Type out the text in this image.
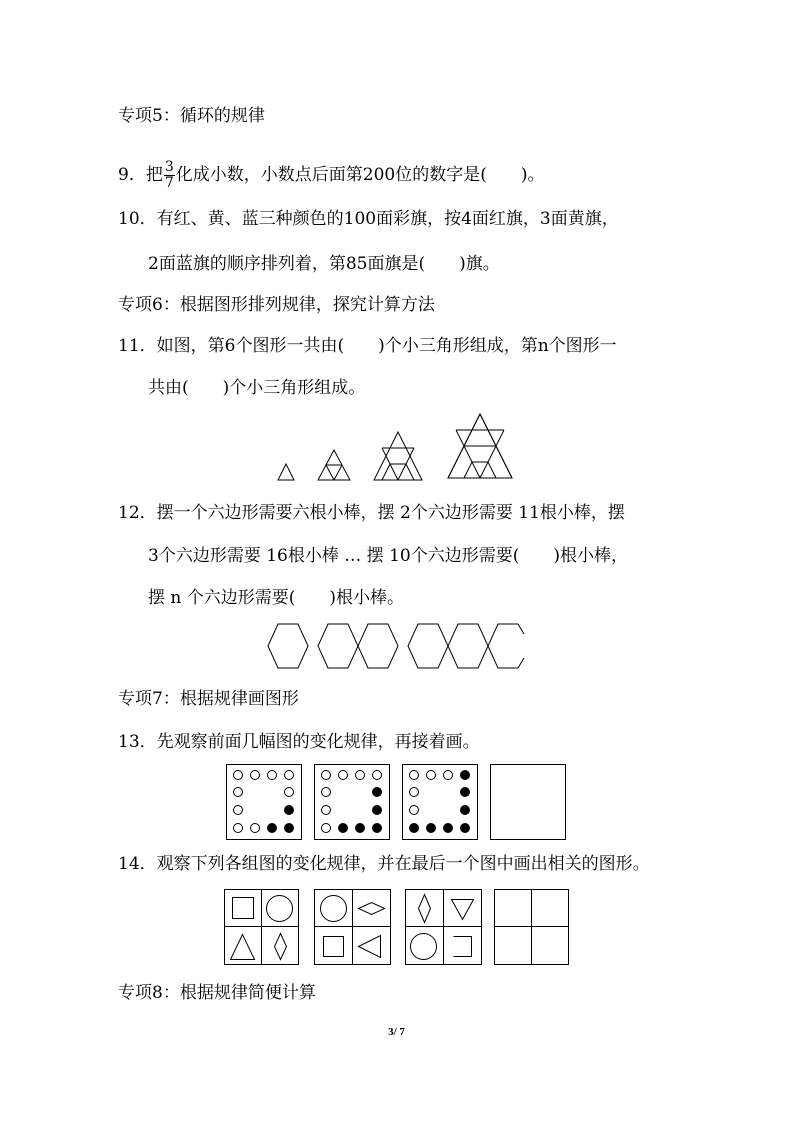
专项5：循环的规律
9．把 $\frac{3}{7}$ 化成小数，小数点后面第200位的数字是(　　)。
10．有红、黄、蓝三种颜色的100面彩旗，按4面红旗，3面黄旗，
2面蓝旗的顺序排列着，第85面旗是(　　)旗。
专项6：根据图形排列规律，探究计算方法
11．如图，第6个图形一共由(　　)个小三角形组成，第n个图形一
共由(　　)个小三角形组成。
12．摆一个六边形需要六根小棒，摆 2个六边形需要 11根小棒，摆
3个六边形需要 16根小棒 … 摆 10个六边形需要(　　)根小棒，
摆 n 个六边形需要(　　)根小棒。
专项7：根据规律画图形
13．先观察前面几幅图的变化规律，再接着画。
14．观察下列各组图的变化规律，并在最后一个图中画出相关的图形。
专项8：根据规律简便计算
3/ 7
